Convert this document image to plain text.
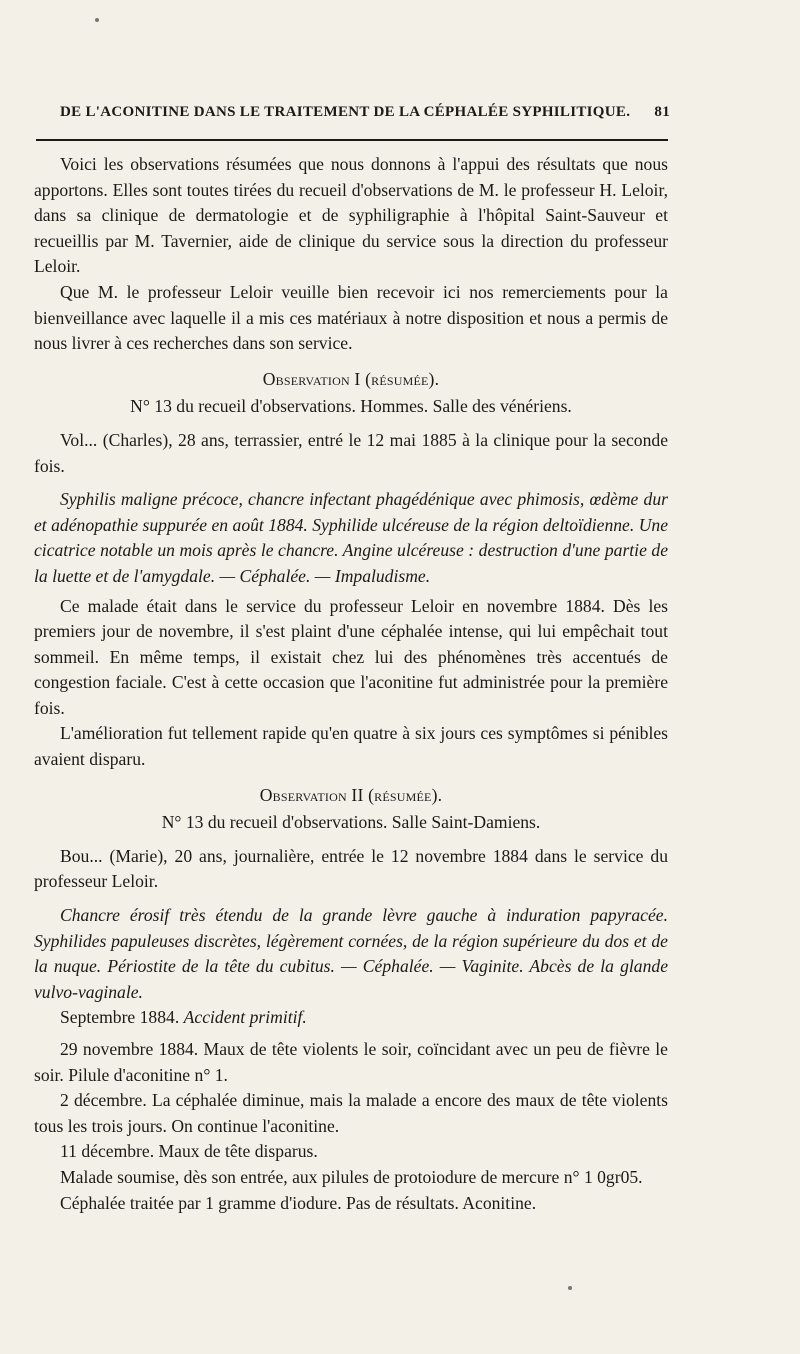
DE L'ACONITINE DANS LE TRAITEMENT DE LA CÉPHALÉE SYPHILITIQUE. 81

Voici les observations résumées que nous donnons à l'appui des résultats que nous apportons. Elles sont toutes tirées du recueil d'observations de M. le professeur H. Leloir, dans sa clinique de dermatologie et de syphiligraphie à l'hôpital Saint-Sauveur et recueillis par M. Tavernier, aide de clinique du service sous la direction du professeur Leloir.

Que M. le professeur Leloir veuille bien recevoir ici nos remerciements pour la bienveillance avec laquelle il a mis ces matériaux à notre disposition et nous a permis de nous livrer à ces recherches dans son service.

Observation I (résumée).
N° 13 du recueil d'observations. Hommes. Salle des vénériens.

Vol... (Charles), 28 ans, terrassier, entré le 12 mai 1885 à la clinique pour la seconde fois.

Syphilis maligne précoce, chancre infectant phagédénique avec phimosis, œdème dur et adénopathie suppurée en août 1884. Syphilide ulcéreuse de la région deltoïdienne. Une cicatrice notable un mois après le chancre. Angine ulcéreuse : destruction d'une partie de la luette et de l'amygdale. — Céphalée. — Impaludisme.

Ce malade était dans le service du professeur Leloir en novembre 1884. Dès les premiers jour de novembre, il s'est plaint d'une céphalée intense, qui lui empêchait tout sommeil. En même temps, il existait chez lui des phénomènes très accentués de congestion faciale. C'est à cette occasion que l'aconitine fut administrée pour la première fois.

L'amélioration fut tellement rapide qu'en quatre à six jours ces symptômes si pénibles avaient disparu.

Observation II (résumée).
N° 13 du recueil d'observations. Salle Saint-Damiens.

Bou... (Marie), 20 ans, journalière, entrée le 12 novembre 1884 dans le service du professeur Leloir.

Chancre érosif très étendu de la grande lèvre gauche à induration papyracée. Syphilides papuleuses discrètes, légèrement cornées, de la région supérieure du dos et de la nuque. Périostite de la tête du cubitus. — Céphalée. — Vaginite. Abcès de la glande vulvo-vaginale.

Septembre 1884. Accident primitif.

29 novembre 1884. Maux de tête violents le soir, coïncidant avec un peu de fièvre le soir. Pilule d'aconitine n° 1.

2 décembre. La céphalée diminue, mais la malade a encore des maux de tête violents tous les trois jours. On continue l'aconitine.

11 décembre. Maux de tête disparus.

Malade soumise, dès son entrée, aux pilules de protoiodure de mercure n° 1 0gr05.

Céphalée traitée par 1 gramme d'iodure. Pas de résultats. Aconitine.
